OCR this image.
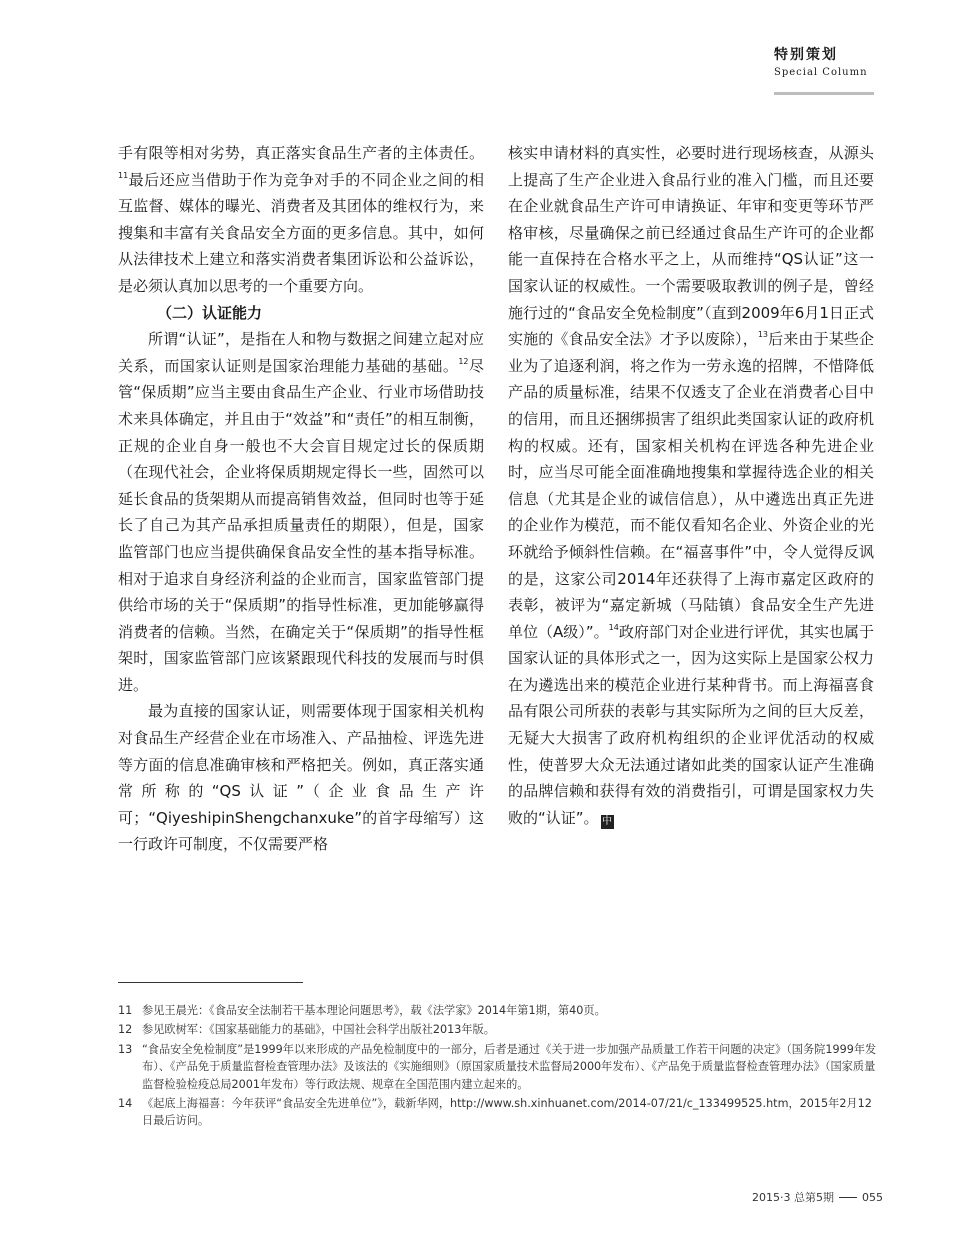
特别策划
Special Column

手有限等相对劣势，真正落实食品生产者的主体责任。$^{11}$最后还应当借助于作为竞争对手的不同企业之间的相互监督、媒体的曝光、消费者及其团体的维权行为，来搜集和丰富有关食品安全方面的更多信息。其中，如何从法律技术上建立和落实消费者集团诉讼和公益诉讼，是必须认真加以思考的一个重要方向。

（二）认证能力

所谓“认证”，是指在人和物与数据之间建立起对应关系，而国家认证则是国家治理能力基础的基础。$^{12}$尽管“保质期”应当主要由食品生产企业、行业市场借助技术来具体确定，并且由于“效益”和“责任”的相互制衡，正规的企业自身一般也不大会盲目规定过长的保质期（在现代社会，企业将保质期规定得长一些，固然可以延长食品的货架期从而提高销售效益，但同时也等于延长了自己为其产品承担质量责任的期限），但是，国家监管部门也应当提供确保食品安全性的基本指导标准。相对于追求自身经济利益的企业而言，国家监管部门提供给市场的关于“保质期”的指导性标准，更加能够赢得消费者的信赖。当然，在确定关于“保质期”的指导性框架时，国家监管部门应该紧跟现代科技的发展而与时俱进。

最为直接的国家认证，则需要体现于国家相关机构对食品生产经营企业在市场准入、产品抽检、评选先进等方面的信息准确审核和严格把关。例如，真正落实通常所称的“QS认证”（企业食品生产许可；“QiyeshipinShengchanxuke”的首字母缩写）这一行政许可制度，不仅需要严格

核实申请材料的真实性，必要时进行现场核查，从源头上提高了生产企业进入食品行业的准入门槛，而且还要在企业就食品生产许可申请换证、年审和变更等环节严格审核，尽量确保之前已经通过食品生产许可的企业都能一直保持在合格水平之上，从而维持“QS认证”这一国家认证的权威性。一个需要吸取教训的例子是，曾经施行过的“食品安全免检制度”（直到2009年6月1日正式实施的《食品安全法》才予以废除），$^{13}$后来由于某些企业为了追逐利润，将之作为一劳永逸的招牌，不惜降低产品的质量标准，结果不仅透支了企业在消费者心目中的信用，而且还捆绑损害了组织此类国家认证的政府机构的权威。还有，国家相关机构在评选各种先进企业时，应当尽可能全面准确地搜集和掌握待选企业的相关信息（尤其是企业的诚信信息），从中遴选出真正先进的企业作为模范，而不能仅看知名企业、外资企业的光环就给予倾斜性信赖。在“福喜事件”中，令人觉得反讽的是，这家公司2014年还获得了上海市嘉定区政府的表彰，被评为“嘉定新城（马陆镇）食品安全生产先进单位（A级）”。$^{14}$政府部门对企业进行评优，其实也属于国家认证的具体形式之一，因为这实际上是国家公权力在为遴选出来的模范企业进行某种背书。而上海福喜食品有限公司所获的表彰与其实际所为之间的巨大反差，无疑大大损害了政府机构组织的企业评优活动的权威性，使普罗大众无法通过诸如此类的国家认证产生准确的品牌信赖和获得有效的消费指引，可谓是国家权力失败的“认证”。 中

11 参见王晨光：《食品安全法制若干基本理论问题思考》，载《法学家》2014年第1期，第40页。
12 参见欧树军：《国家基础能力的基础》，中国社会科学出版社2013年版。
13 “食品安全免检制度”是1999年以来形成的产品免检制度中的一部分，后者是通过《关于进一步加强产品质量工作若干问题的决定》（国务院1999年发布）、《产品免于质量监督检查管理办法》及该法的《实施细则》（原国家质量技术监督局2000年发布）、《产品免于质量监督检查管理办法》（国家质量监督检验检疫总局2001年发布）等行政法规、规章在全国范围内建立起来的。
14 《起底上海福喜：今年获评“食品安全先进单位”》，载新华网，http://www.sh.xinhuanet.com/2014-07/21/c_133499525.htm，2015年2月12日最后访问。
2015·3 总第5期	055
